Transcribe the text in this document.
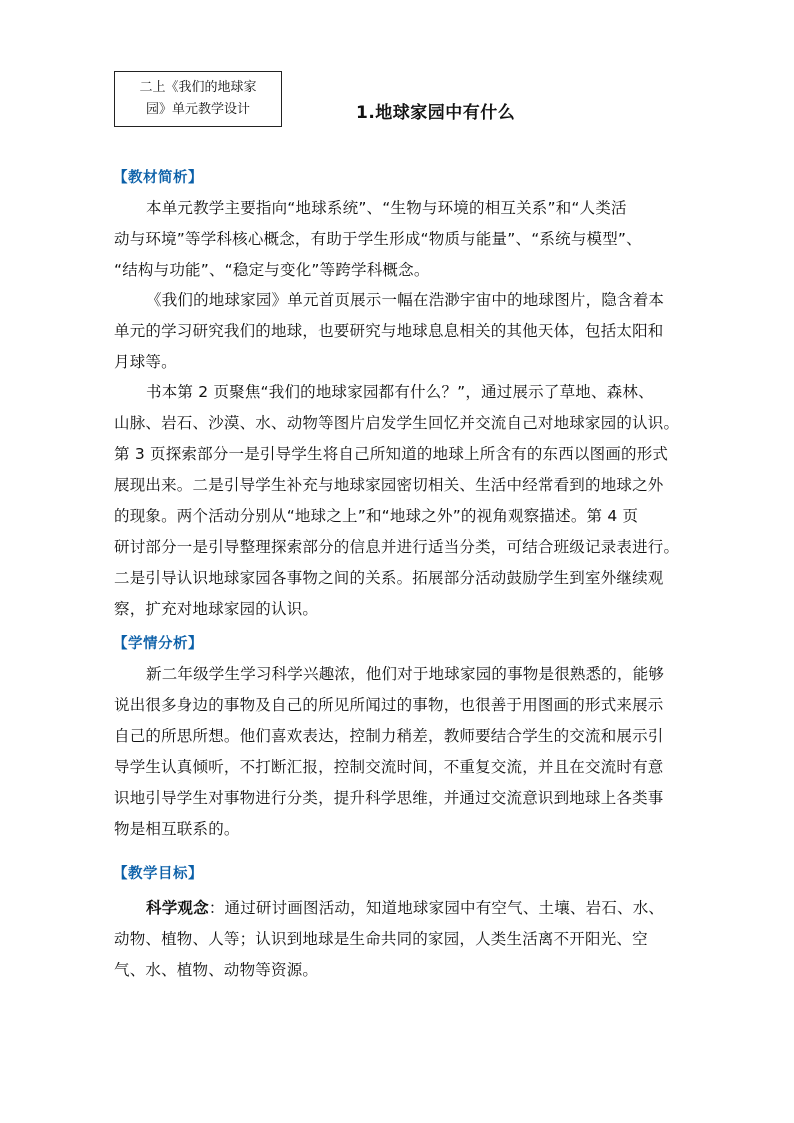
二上《我们的地球家
园》单元教学设计	1.地球家园中有什么
【教材简析】
本单元教学主要指向“地球系统”、“生物与环境的相互关系”和“人类活
动与环境”等学科核心概念，有助于学生形成“物质与能量”、“系统与模型”、
“结构与功能”、“稳定与变化”等跨学科概念。
《我们的地球家园》单元首页展示一幅在浩渺宇宙中的地球图片，隐含着本
单元的学习研究我们的地球，也要研究与地球息息相关的其他天体，包括太阳和
月球等。
书本第 2 页聚焦“我们的地球家园都有什么？”，通过展示了草地、森林、
山脉、岩石、沙漠、水、动物等图片启发学生回忆并交流自己对地球家园的认识。
第 3 页探索部分一是引导学生将自己所知道的地球上所含有的东西以图画的形式
展现出来。二是引导学生补充与地球家园密切相关、生活中经常看到的地球之外
的现象。两个活动分别从“地球之上”和“地球之外”的视角观察描述。第 4 页
研讨部分一是引导整理探索部分的信息并进行适当分类，可结合班级记录表进行。
二是引导认识地球家园各事物之间的关系。拓展部分活动鼓励学生到室外继续观
察，扩充对地球家园的认识。
【学情分析】
新二年级学生学习科学兴趣浓，他们对于地球家园的事物是很熟悉的，能够
说出很多身边的事物及自己的所见所闻过的事物，也很善于用图画的形式来展示
自己的所思所想。他们喜欢表达，控制力稍差，教师要结合学生的交流和展示引
导学生认真倾听，不打断汇报，控制交流时间，不重复交流，并且在交流时有意
识地引导学生对事物进行分类，提升科学思维，并通过交流意识到地球上各类事
物是相互联系的。
【教学目标】
科学观念：通过研讨画图活动，知道地球家园中有空气、土壤、岩石、水、
动物、植物、人等；认识到地球是生命共同的家园，人类生活离不开阳光、空
气、水、植物、动物等资源。
